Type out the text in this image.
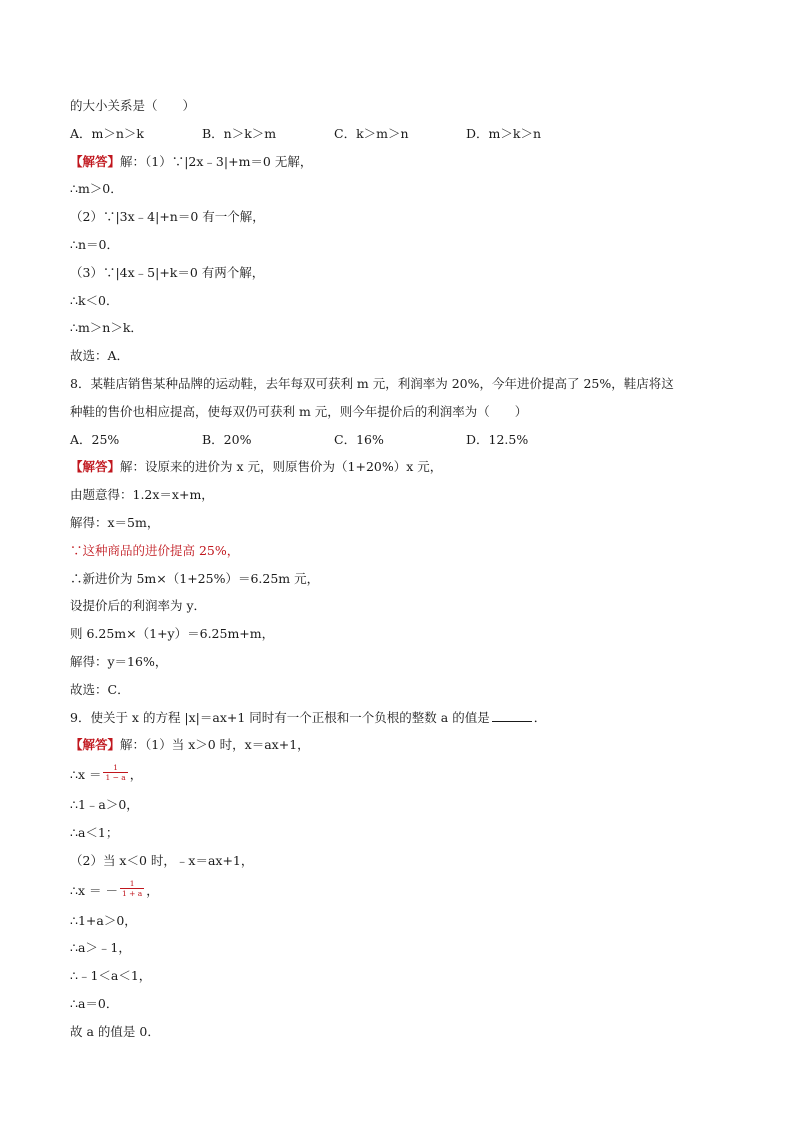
的大小关系是（　　）
A．m＞n＞k	B．n＞k＞m	C．k＞m＞n	D．m＞k＞n
【解答】解：（1）∵|2x﹣3|+m＝0 无解，
∴m＞0．
（2）∵|3x﹣4|+n＝0 有一个解，
∴n＝0．
（3）∵|4x﹣5|+k＝0 有两个解，
∴k＜0．
∴m＞n＞k．
故选：A．
8．某鞋店销售某种品牌的运动鞋，去年每双可获利 m 元，利润率为 20%，今年进价提高了 25%，鞋店将这
种鞋的售价也相应提高，使每双仍可获利 m 元，则今年提价后的利润率为（　　）
A．25%	B．20%	C．16%	D．12.5%
【解答】解：设原来的进价为 x 元，则原售价为（1+20%）x 元，
由题意得：1.2x＝x+m，
解得：x＝5m，
∵这种商品的进价提高 25%，
∴新进价为 5m×（1+25%）＝6.25m 元，
设提价后的利润率为 y．
则 6.25m×（1+y）＝6.25m+m，
解得：y＝16%，
故选：C．
9．使关于 x 的方程 |x|＝ax+1 同时有一个正根和一个负根的整数 a 的值是	．
【解答】解：（1）当 x＞0 时，x＝ax+1，
∴x ＝ $\frac{1}{1 - a}$ ，
∴1﹣a＞0，
∴a＜1；
（2）当 x＜0 时，﹣x＝ax+1，
∴x ＝ － $\frac{1}{1 + a}$ ，
∴1+a＞0，
∴a＞﹣1，
∴﹣1＜a＜1，
∴a＝0．
故 a 的值是 0．
